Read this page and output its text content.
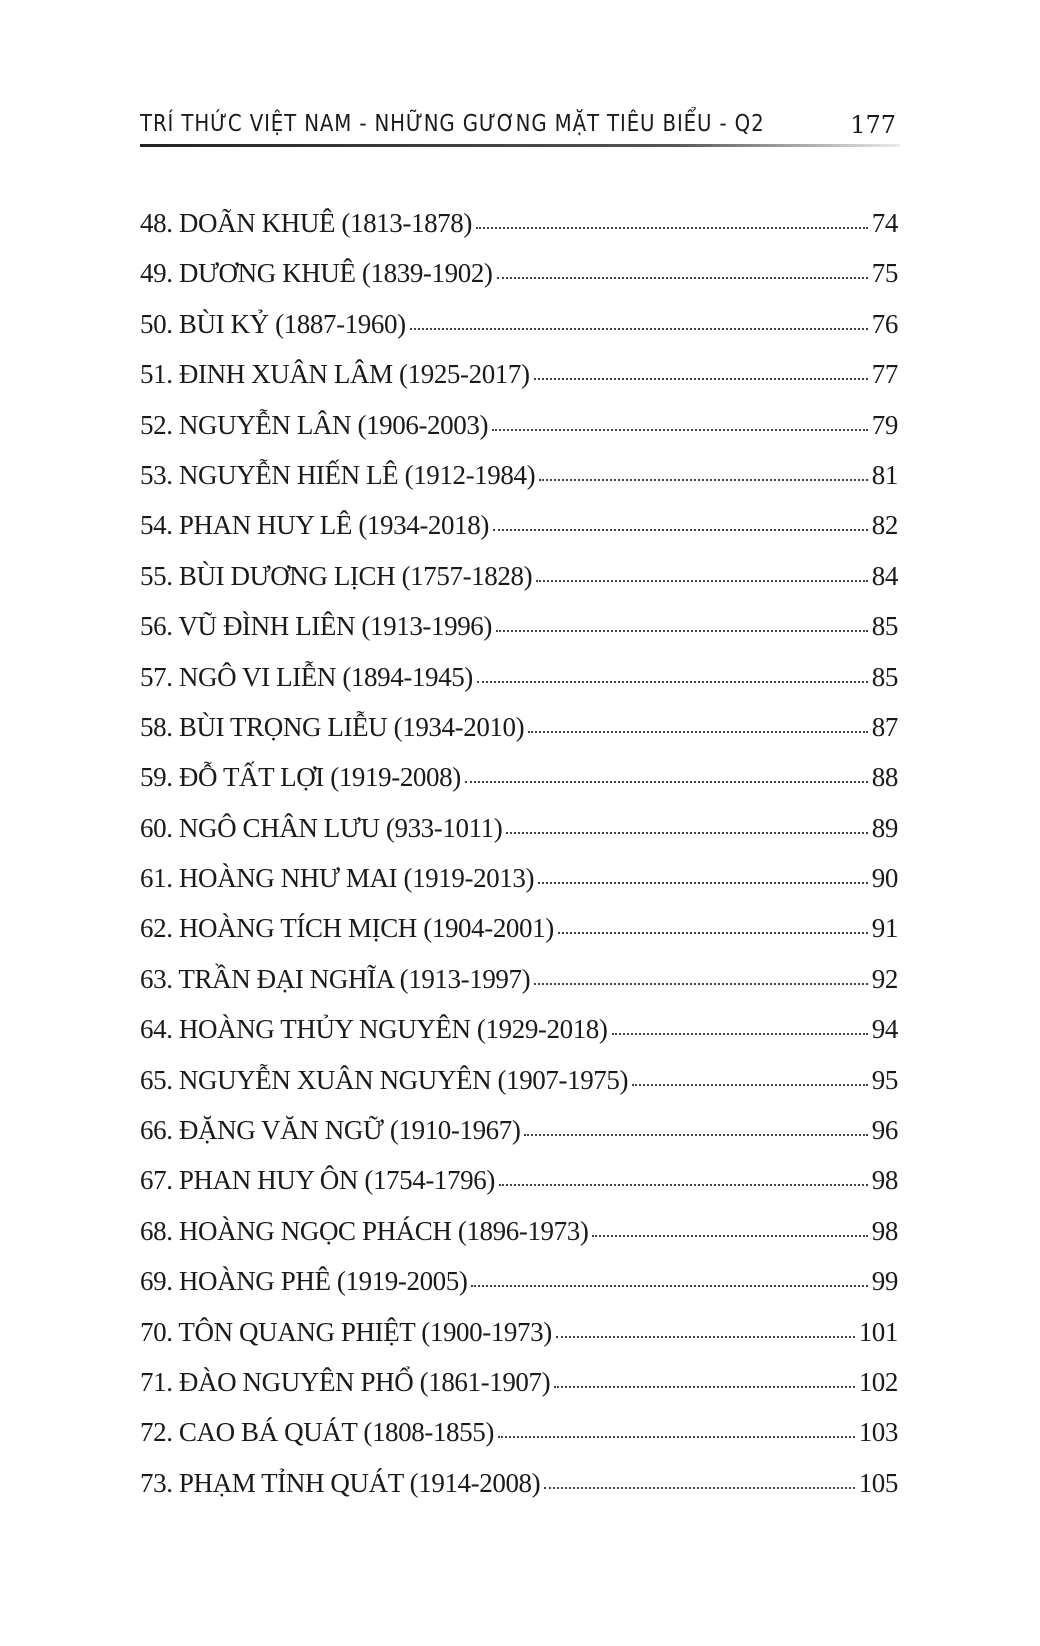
TRÍ THỨC VIỆT NAM - NHỮNG GƯƠNG MẶT TIÊU BIỂU - Q2	177
48. DOÃN KHUÊ (1813-1878)	74
49. DƯƠNG KHUÊ (1839-1902)	75
50. BÙI KỶ (1887-1960)	76
51. ĐINH XUÂN LÂM (1925-2017)	77
52. NGUYỄN LÂN (1906-2003)	79
53. NGUYỄN HIẾN LÊ (1912-1984)	81
54. PHAN HUY LÊ (1934-2018)	82
55. BÙI DƯƠNG LỊCH (1757-1828)	84
56. VŨ ĐÌNH LIÊN (1913-1996)	85
57. NGÔ VI LIỄN (1894-1945)	85
58. BÙI TRỌNG LIỄU (1934-2010)	87
59. ĐỖ TẤT LỢI (1919-2008)	88
60. NGÔ CHÂN LƯU (933-1011)	89
61. HOÀNG NHƯ MAI (1919-2013)	90
62. HOÀNG TÍCH MỊCH (1904-2001)	91
63. TRẦN ĐẠI NGHĨA (1913-1997)	92
64. HOÀNG THỦY NGUYÊN (1929-2018)	94
65. NGUYỄN XUÂN NGUYÊN (1907-1975)	95
66. ĐẶNG VĂN NGỮ (1910-1967)	96
67. PHAN HUY ÔN (1754-1796)	98
68. HOÀNG NGỌC PHÁCH (1896-1973)	98
69. HOÀNG PHÊ (1919-2005)	99
70. TÔN QUANG PHIỆT (1900-1973)	101
71. ĐÀO NGUYÊN PHỔ (1861-1907)	102
72. CAO BÁ QUÁT (1808-1855)	103
73. PHẠM TỈNH QUÁT (1914-2008)	105
